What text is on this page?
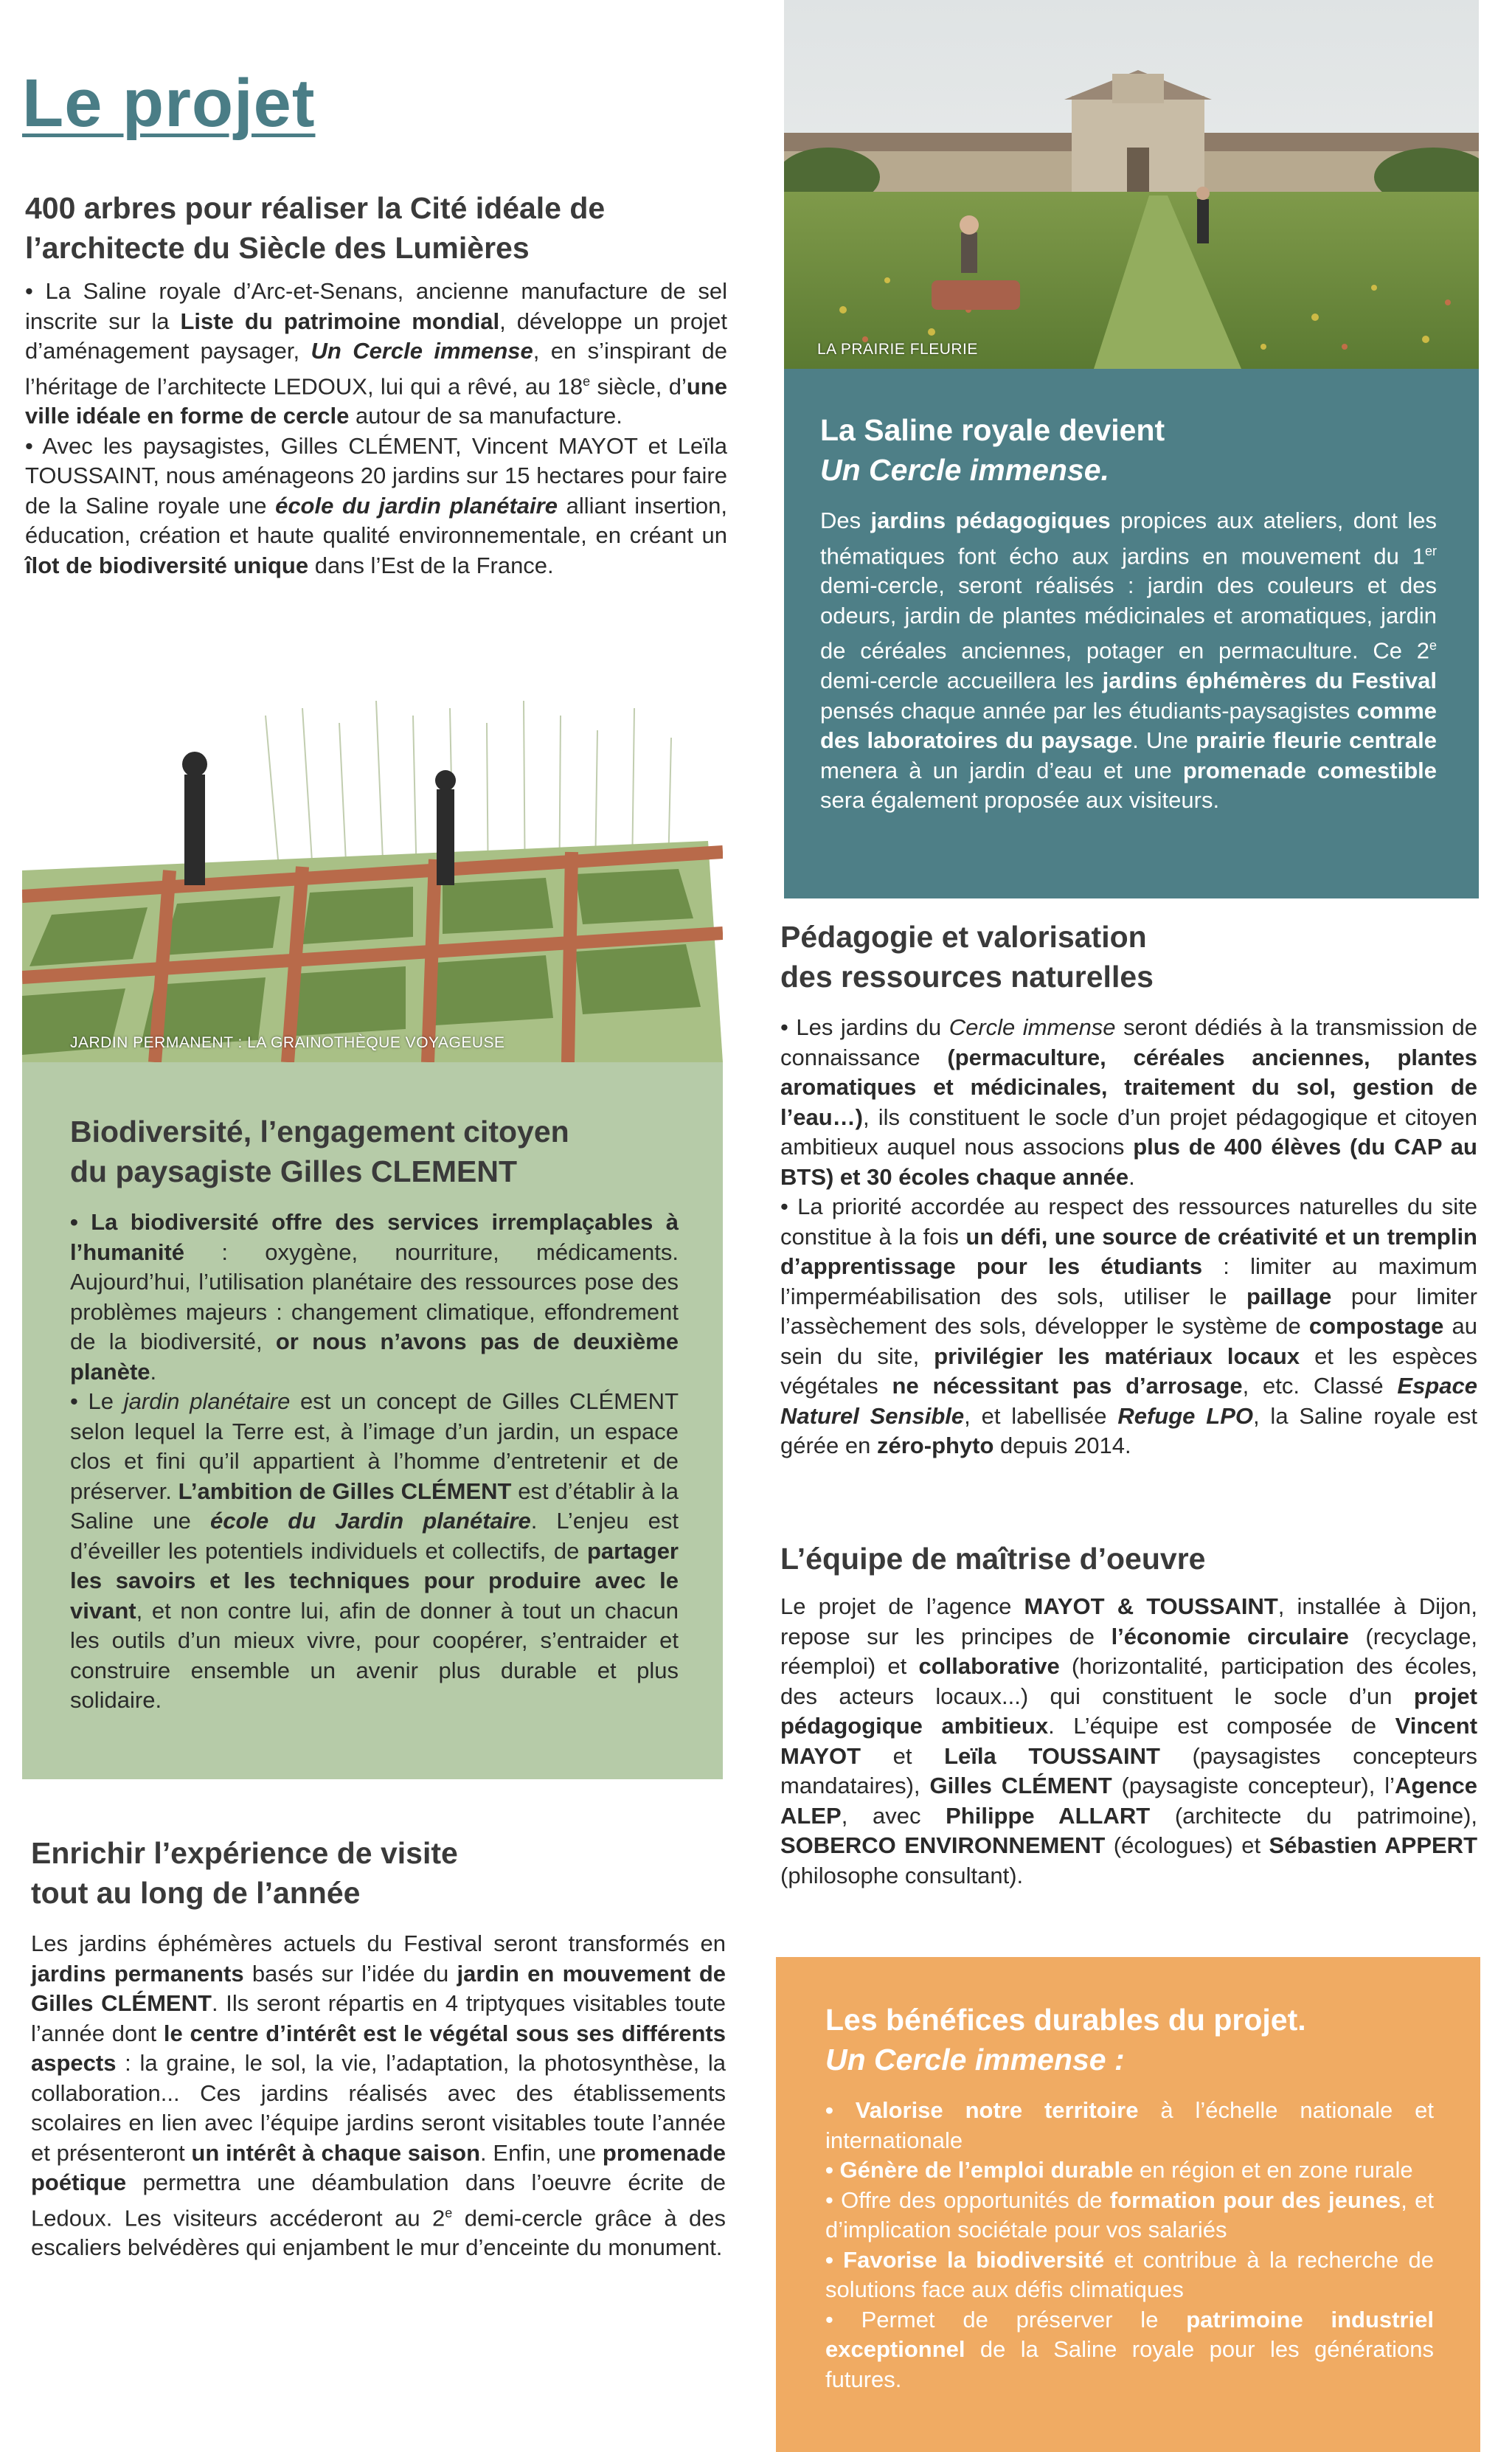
Le projet

400 arbres pour réaliser la Cité idéale de
l’architecte du Siècle des Lumières

• La Saline royale d’Arc-et-Senans, ancienne manufacture de sel inscrite sur la Liste du patrimoine mondial, développe un projet d’aménagement paysager, Un Cercle immense, en s’inspirant de l’héritage de l’architecte LEDOUX, lui qui a rêvé, au 18e siècle, d’une ville idéale en forme de cercle autour de sa manufacture.

• Avec les paysagistes, Gilles CLÉMENT, Vincent MAYOT et Leïla TOUSSAINT, nous aménageons 20 jardins sur 15 hectares pour faire de la Saline royale une école du jardin planétaire alliant insertion, éducation, création et haute qualité environnementale, en créant un îlot de biodiversité unique dans l’Est de la France.

LA PRAIRIE FLEURIE

La Saline royale devient
Un Cercle immense.

Des jardins pédagogiques propices aux ateliers, dont les thématiques font écho aux jardins en mouvement du 1er demi-cercle, seront réalisés : jardin des couleurs et des odeurs, jardin de plantes médicinales et aromatiques, jardin de céréales anciennes, potager en permaculture. Ce 2e demi-cercle accueillera les jardins éphémères du Festival pensés chaque année par les étudiants-paysagistes comme des laboratoires du paysage. Une prairie fleurie centrale menera à un jardin d’eau et une promenade comestible sera également proposée aux visiteurs.

JARDIN PERMANENT : LA GRAINOTHÈQUE VOYAGEUSE

Biodiversité, l’engagement citoyen
du paysagiste Gilles CLEMENT

• La biodiversité offre des services irremplaçables à l’humanité : oxygène, nourriture, médicaments. Aujourd’hui, l’utilisation planétaire des ressources pose des problèmes majeurs : changement climatique, effondrement de la biodiversité, or nous n’avons pas de deuxième planète.

• Le jardin planétaire est un concept de Gilles CLÉMENT selon lequel la Terre est, à l’image d’un jardin, un espace clos et fini qu’il appartient à l’homme d’entretenir et de préserver. L’ambition de Gilles CLÉMENT est d’établir à la Saline une école du Jardin planétaire. L’enjeu est d’éveiller les potentiels individuels et collectifs, de partager les savoirs et les techniques pour produire avec le vivant, et non contre lui, afin de donner à tout un chacun les outils d’un mieux vivre, pour coopérer, s’entraider et construire ensemble un avenir plus durable et plus solidaire.

Pédagogie et valorisation
des ressources naturelles

• Les jardins du Cercle immense seront dédiés à la transmission de connaissance (permaculture, céréales anciennes, plantes aromatiques et médicinales, traitement du sol, gestion de l’eau…), ils constituent le socle d’un projet pédagogique et citoyen ambitieux auquel nous associons plus de 400 élèves (du CAP au BTS) et 30 écoles chaque année.

• La priorité accordée au respect des ressources naturelles du site constitue à la fois un défi, une source de créativité et un tremplin d’apprentissage pour les étudiants : limiter au maximum l’imperméabilisation des sols, utiliser le paillage pour limiter l’assèchement des sols, développer le système de compostage au sein du site, privilégier les matériaux locaux et les espèces végétales ne nécessitant pas d’arrosage, etc. Classé Espace Naturel Sensible, et labellisée Refuge LPO, la Saline royale est gérée en zéro-phyto depuis 2014.

L’équipe de maîtrise d’oeuvre

Le projet de l’agence MAYOT & TOUSSAINT, installée à Dijon, repose sur les principes de l’économie circulaire (recyclage, réemploi) et collaborative (horizontalité, participation des écoles, des acteurs locaux...) qui constituent le socle d’un projet pédagogique ambitieux. L’équipe est composée de Vincent MAYOT et Leïla TOUSSAINT (paysagistes concepteurs mandataires), Gilles CLÉMENT (paysagiste concepteur), l’Agence ALEP, avec Philippe ALLART (architecte du patrimoine), SOBERCO ENVIRONNEMENT (écologues) et Sébastien APPERT (philosophe consultant).

Enrichir l’expérience de visite
tout au long de l’année

Les jardins éphémères actuels du Festival seront transformés en jardins permanents basés sur l’idée du jardin en mouvement de Gilles CLÉMENT. Ils seront répartis en 4 triptyques visitables toute l’année dont le centre d’intérêt est le végétal sous ses différents aspects : la graine, le sol, la vie, l’adaptation, la photosynthèse, la collaboration... Ces jardins réalisés avec des établissements scolaires en lien avec l’équipe jardins seront visitables toute l’année et présenteront un intérêt à chaque saison. Enfin, une promenade poétique permettra une déambulation dans l’oeuvre écrite de Ledoux. Les visiteurs accéderont au 2e demi-cercle grâce à des escaliers belvédères qui enjambent le mur d’enceinte du monument.

Les bénéfices durables du projet.
Un Cercle immense :

• Valorise notre territoire à l’échelle nationale et internationale

• Génère de l’emploi durable en région et en zone rurale

• Offre des opportunités de formation pour des jeunes, et d’implication sociétale pour vos salariés

• Favorise la biodiversité et contribue à la recherche de solutions face aux défis climatiques

• Permet de préserver le patrimoine industriel exceptionnel de la Saline royale pour les générations futures.
